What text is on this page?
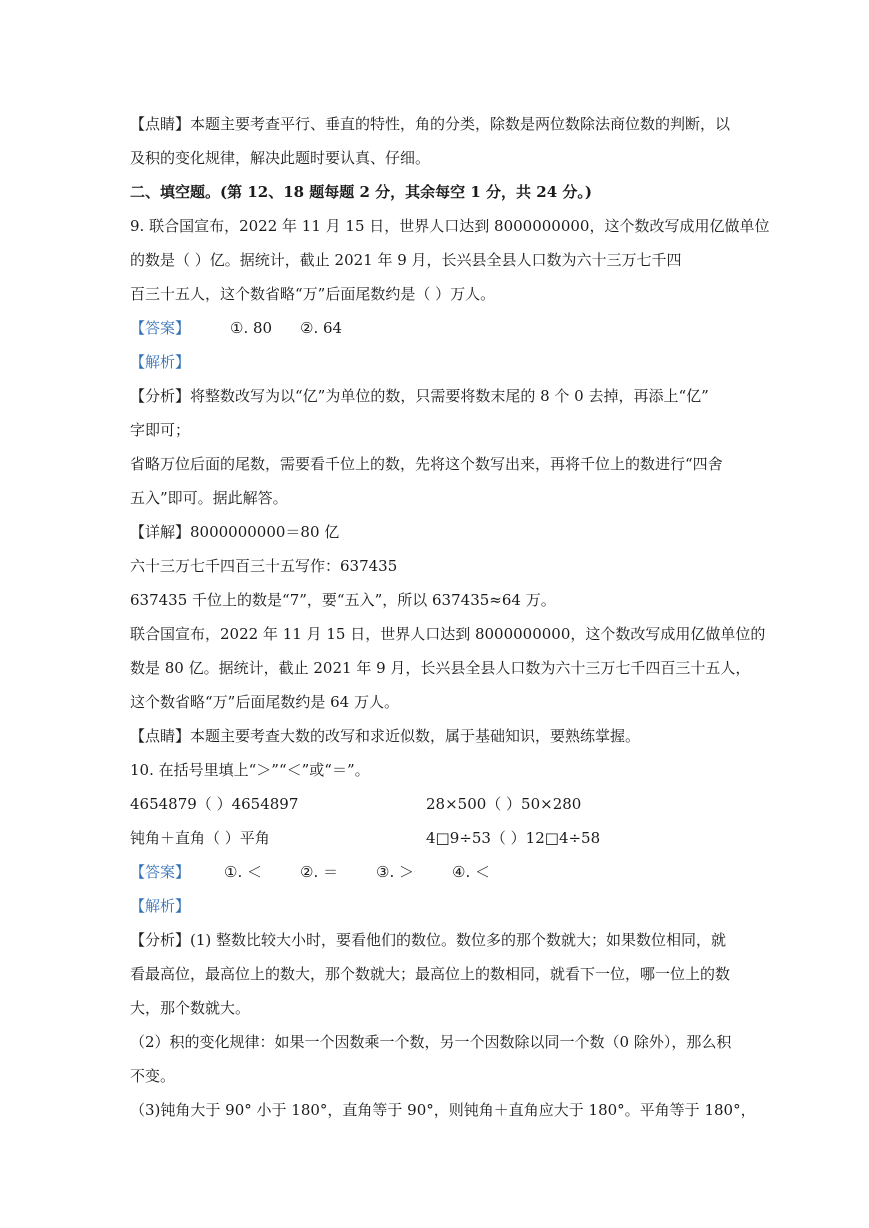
【点睛】本题主要考查平行、垂直的特性，角的分类，除数是两位数除法商位数的判断，以
及积的变化规律，解决此题时要认真、仔细。
二、填空题。(第 12、18 题每题 2 分，其余每空 1 分，共 24 分。)
9. 联合国宣布，2022 年 11 月 15 日，世界人口达到 8000000000，这个数改写成用亿做单位
的数是（ ）亿。据统计，截止 2021 年 9 月，长兴县全县人口数为六十三万七千四
百三十五人，这个数省略“万”后面尾数约是（ ）万人。
【答案】	①. 80 ②. 64
【解析】
【分析】将整数改写为以“亿”为单位的数，只需要将数末尾的 8 个 0 去掉，再添上“亿”
字即可；
省略万位后面的尾数，需要看千位上的数，先将这个数写出来，再将千位上的数进行“四舍
五入”即可。据此解答。
【详解】8000000000＝80 亿
六十三万七千四百三十五写作：637435
637435 千位上的数是“7”，要“五入”，所以 637435≈64 万。
联合国宣布，2022 年 11 月 15 日，世界人口达到 8000000000，这个数改写成用亿做单位的
数是 80 亿。据统计，截止 2021 年 9 月，长兴县全县人口数为六十三万七千四百三十五人，
这个数省略“万”后面尾数约是 64 万人。
【点睛】本题主要考查大数的改写和求近似数，属于基础知识，要熟练掌握。
10. 在括号里填上“＞”“＜”或“＝”。
4654879（ ）4654897	28×500（ ）50×280
钝角＋直角（ ）平角	4□9÷53（ ）12□4÷58
【答案】 ①. ＜	②. ＝	③. ＞	④. ＜
【解析】
【分析】(1) 整数比较大小时，要看他们的数位。数位多的那个数就大；如果数位相同，就
看最高位，最高位上的数大，那个数就大；最高位上的数相同，就看下一位，哪一位上的数
大，那个数就大。
（2）积的变化规律：如果一个因数乘一个数，另一个因数除以同一个数（0 除外），那么积
不变。
（3)钝角大于 90° 小于 180°，直角等于 90°，则钝角＋直角应大于 180°。平角等于 180°，
